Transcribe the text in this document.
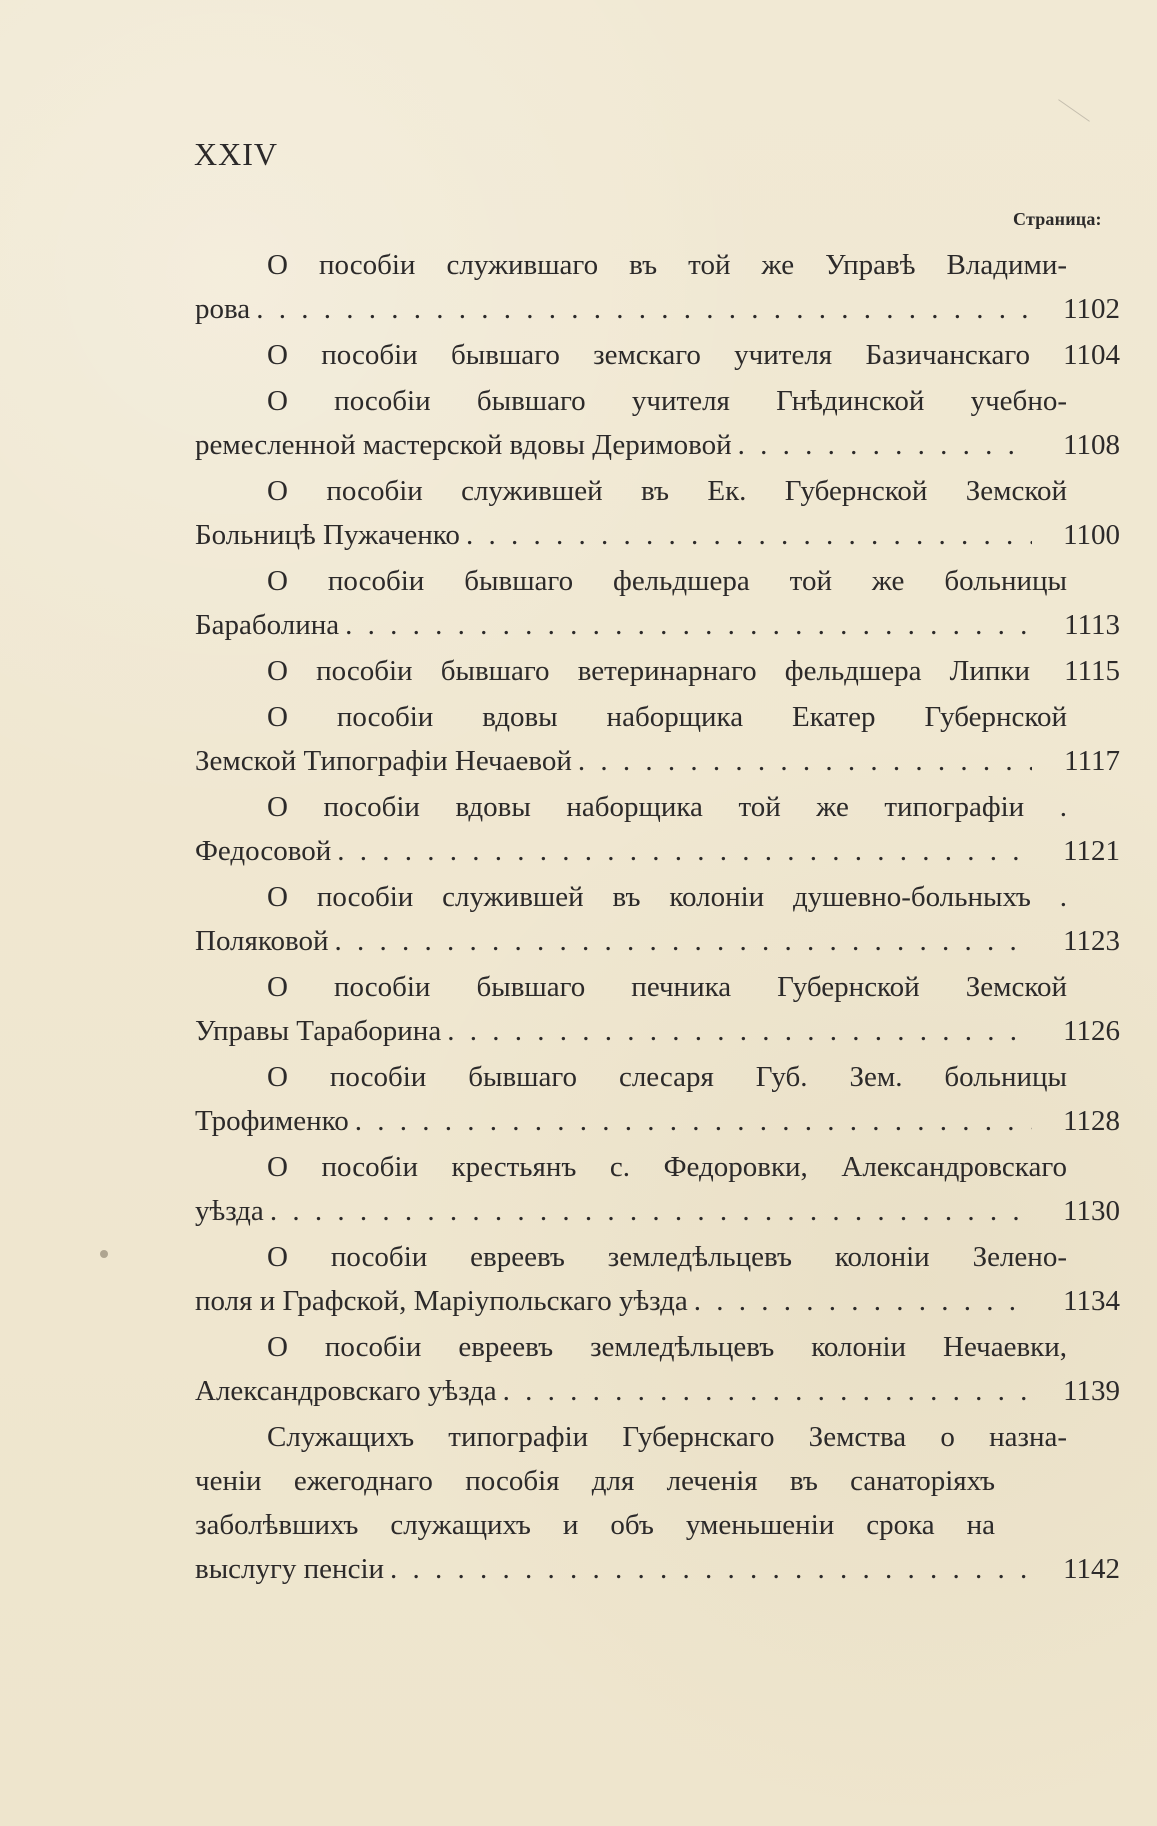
XXIV
Страница:
О пособіи служившаго въ той же Управѣ Владими-
рова . . .	1102
О пособіи бывшаго земскаго учителя Базичанскаго	1104
О пособіи бывшаго учителя Гнѣдинской учебно-
ремесленной мастерской вдовы Деримовой . . .	1108
О пособіи служившей въ Ек. Губернской Земской
Больницѣ Пужаченко . . .	1100
О пособіи бывшаго фельдшера той же больницы
Бараболина . . .	1113
О пособіи бывшаго ветеринарнаго фельдшера Липки	1115
О пособіи вдовы наборщика Екатер Губернской
Земской Типографіи Нечаевой . . .	1117
О пособіи вдовы наборщика той же типографіи .
Федосовой . . .	1121
О пособіи служившей въ колоніи душевно-больныхъ .
Поляковой . . .	1123
О пособіи бывшаго печника Губернской Земской
Управы Тараборина . . .	1126
О пособіи бывшаго слесаря Губ. Зем. больницы
Трофименко . . .	1128
О пособіи крестьянъ с. Федоровки, Александровскаго
уѣзда . . .	1130
О пособіи евреевъ земледѣльцевъ колоніи Зелено-
поля и Графской, Маріупольскаго уѣзда . . .	1134
О пособіи евреевъ земледѣльцевъ колоніи Нечаевки,
Александровскаго уѣзда . . .	1139
Служащихъ типографіи Губернскаго Земства о назна-
ченіи ежегоднаго пособія для леченія въ санаторіяхъ
заболѣвшихъ служащихъ и объ уменьшеніи срока на
выслугу пенсіи . . .	1142
